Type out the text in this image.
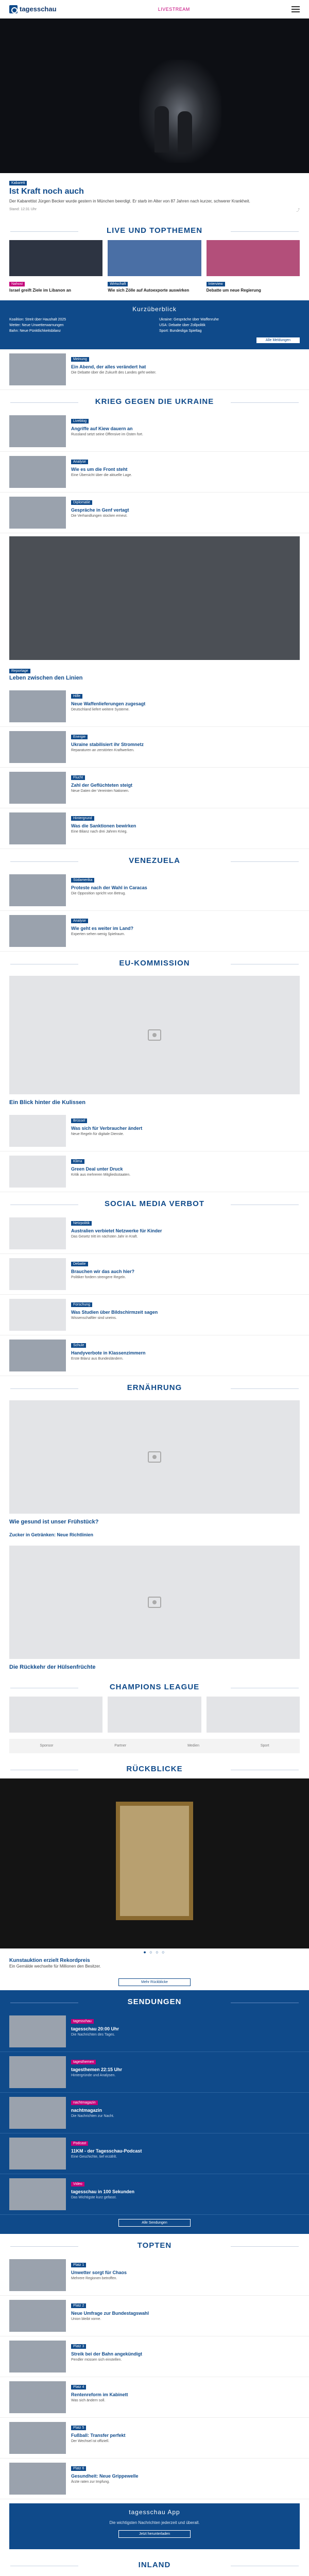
tagesschau	LIVESTREAM
Kabarett
Ist Kraft noch auch
Der Kabarettist Jürgen Becker wurde gestern in München beerdigt. Er starb im Alter von 87 Jahren nach kurzer, schwerer Krankheit.
Stand: 12:31 Uhr	⤴
LIVE UND TOPTHEMEN
Nahost
Israel greift Ziele im Libanon an
Wirtschaft
Wie sich Zölle auf Autoexporte auswirken
Interview
Debatte um neue Regierung
Kurzüberblick
Koalition: Streit über Haushalt 2025
Wetter: Neue Unwetterwarnungen
Bahn: Neue Pünktlichkeitsbilanz
Ukraine: Gespräche über Waffenruhe
USA: Debatte über Zollpolitik
Sport: Bundesliga Spieltag
Alle Meldungen
Meinung
Ein Abend, der alles verändert hat
Die Debatte über die Zukunft des Landes geht weiter.
KRIEG GEGEN DIE UKRAINE
Liveblog
Angriffe auf Kiew dauern an
Russland setzt seine Offensive im Osten fort.
Analyse
Wie es um die Front steht
Eine Übersicht über die aktuelle Lage.
Diplomatie
Gespräche in Genf vertagt
Die Verhandlungen stocken erneut.
Reportage
Leben zwischen den Linien
Hilfe
Neue Waffenlieferungen zugesagt
Deutschland liefert weitere Systeme.
Energie
Ukraine stabilisiert ihr Stromnetz
Reparaturen an zerstörten Kraftwerken.
Flucht
Zahl der Geflüchteten steigt
Neue Daten der Vereinten Nationen.
Hintergrund
Was die Sanktionen bewirken
Eine Bilanz nach drei Jahren Krieg.
VENEZUELA
Südamerika
Proteste nach der Wahl in Caracas
Die Opposition spricht von Betrug.
Analyse
Wie geht es weiter im Land?
Experten sehen wenig Spielraum.
EU-KOMMISSION
Ein Blick hinter die Kulissen
Brüssel
Was sich für Verbraucher ändert
Neue Regeln für digitale Dienste.
Klima
Green Deal unter Druck
Kritik aus mehreren Mitgliedsstaaten.
SOCIAL MEDIA VERBOT
Netzpolitik
Australien verbietet Netzwerke für Kinder
Das Gesetz tritt im nächsten Jahr in Kraft.
Debatte
Brauchen wir das auch hier?
Politiker fordern strengere Regeln.
Forschung
Was Studien über Bildschirmzeit sagen
Wissenschaftler sind uneins.
Schule
Handyverbote in Klassenzimmern
Erste Bilanz aus Bundesländern.
ERNÄHRUNG
Wie gesund ist unser Frühstück?
Zucker in Getränken: Neue Richtlinien
Die Rückkehr der Hülsenfrüchte
CHAMPIONS LEAGUE
Sponsor	Partner	Medien	Sport
RÜCKBLICKE
● ○ ○ ○
Kunstauktion erzielt Rekordpreis
Ein Gemälde wechselte für Millionen den Besitzer.
Mehr Rückblicke
SENDUNGEN
tagesschau
tagesschau 20:00 Uhr
Die Nachrichten des Tages.
tagesthemen
tagesthemen 22:15 Uhr
Hintergründe und Analysen.
nachtmagazin
nachtmagazin
Die Nachrichten zur Nacht.
Podcast
11KM - der Tagesschau-Podcast
Eine Geschichte, tief erzählt.
Video
tagesschau in 100 Sekunden
Das Wichtigste kurz gefasst.
Alle Sendungen
TOPTEN
Platz 1
Unwetter sorgt für Chaos
Mehrere Regionen betroffen.
Platz 2
Neue Umfrage zur Bundestagswahl
Union bleibt vorne.
Platz 3
Streik bei der Bahn angekündigt
Pendler müssen sich einstellen.
Platz 4
Rentenreform im Kabinett
Was sich ändern soll.
Platz 5
Fußball: Transfer perfekt
Der Wechsel ist offiziell.
Platz 6
Gesundheit: Neue Grippewelle
Ärzte raten zur Impfung.
tagesschau App
Die wichtigsten Nachrichten jederzeit und überall.
Jetzt herunterladen
INLAND
